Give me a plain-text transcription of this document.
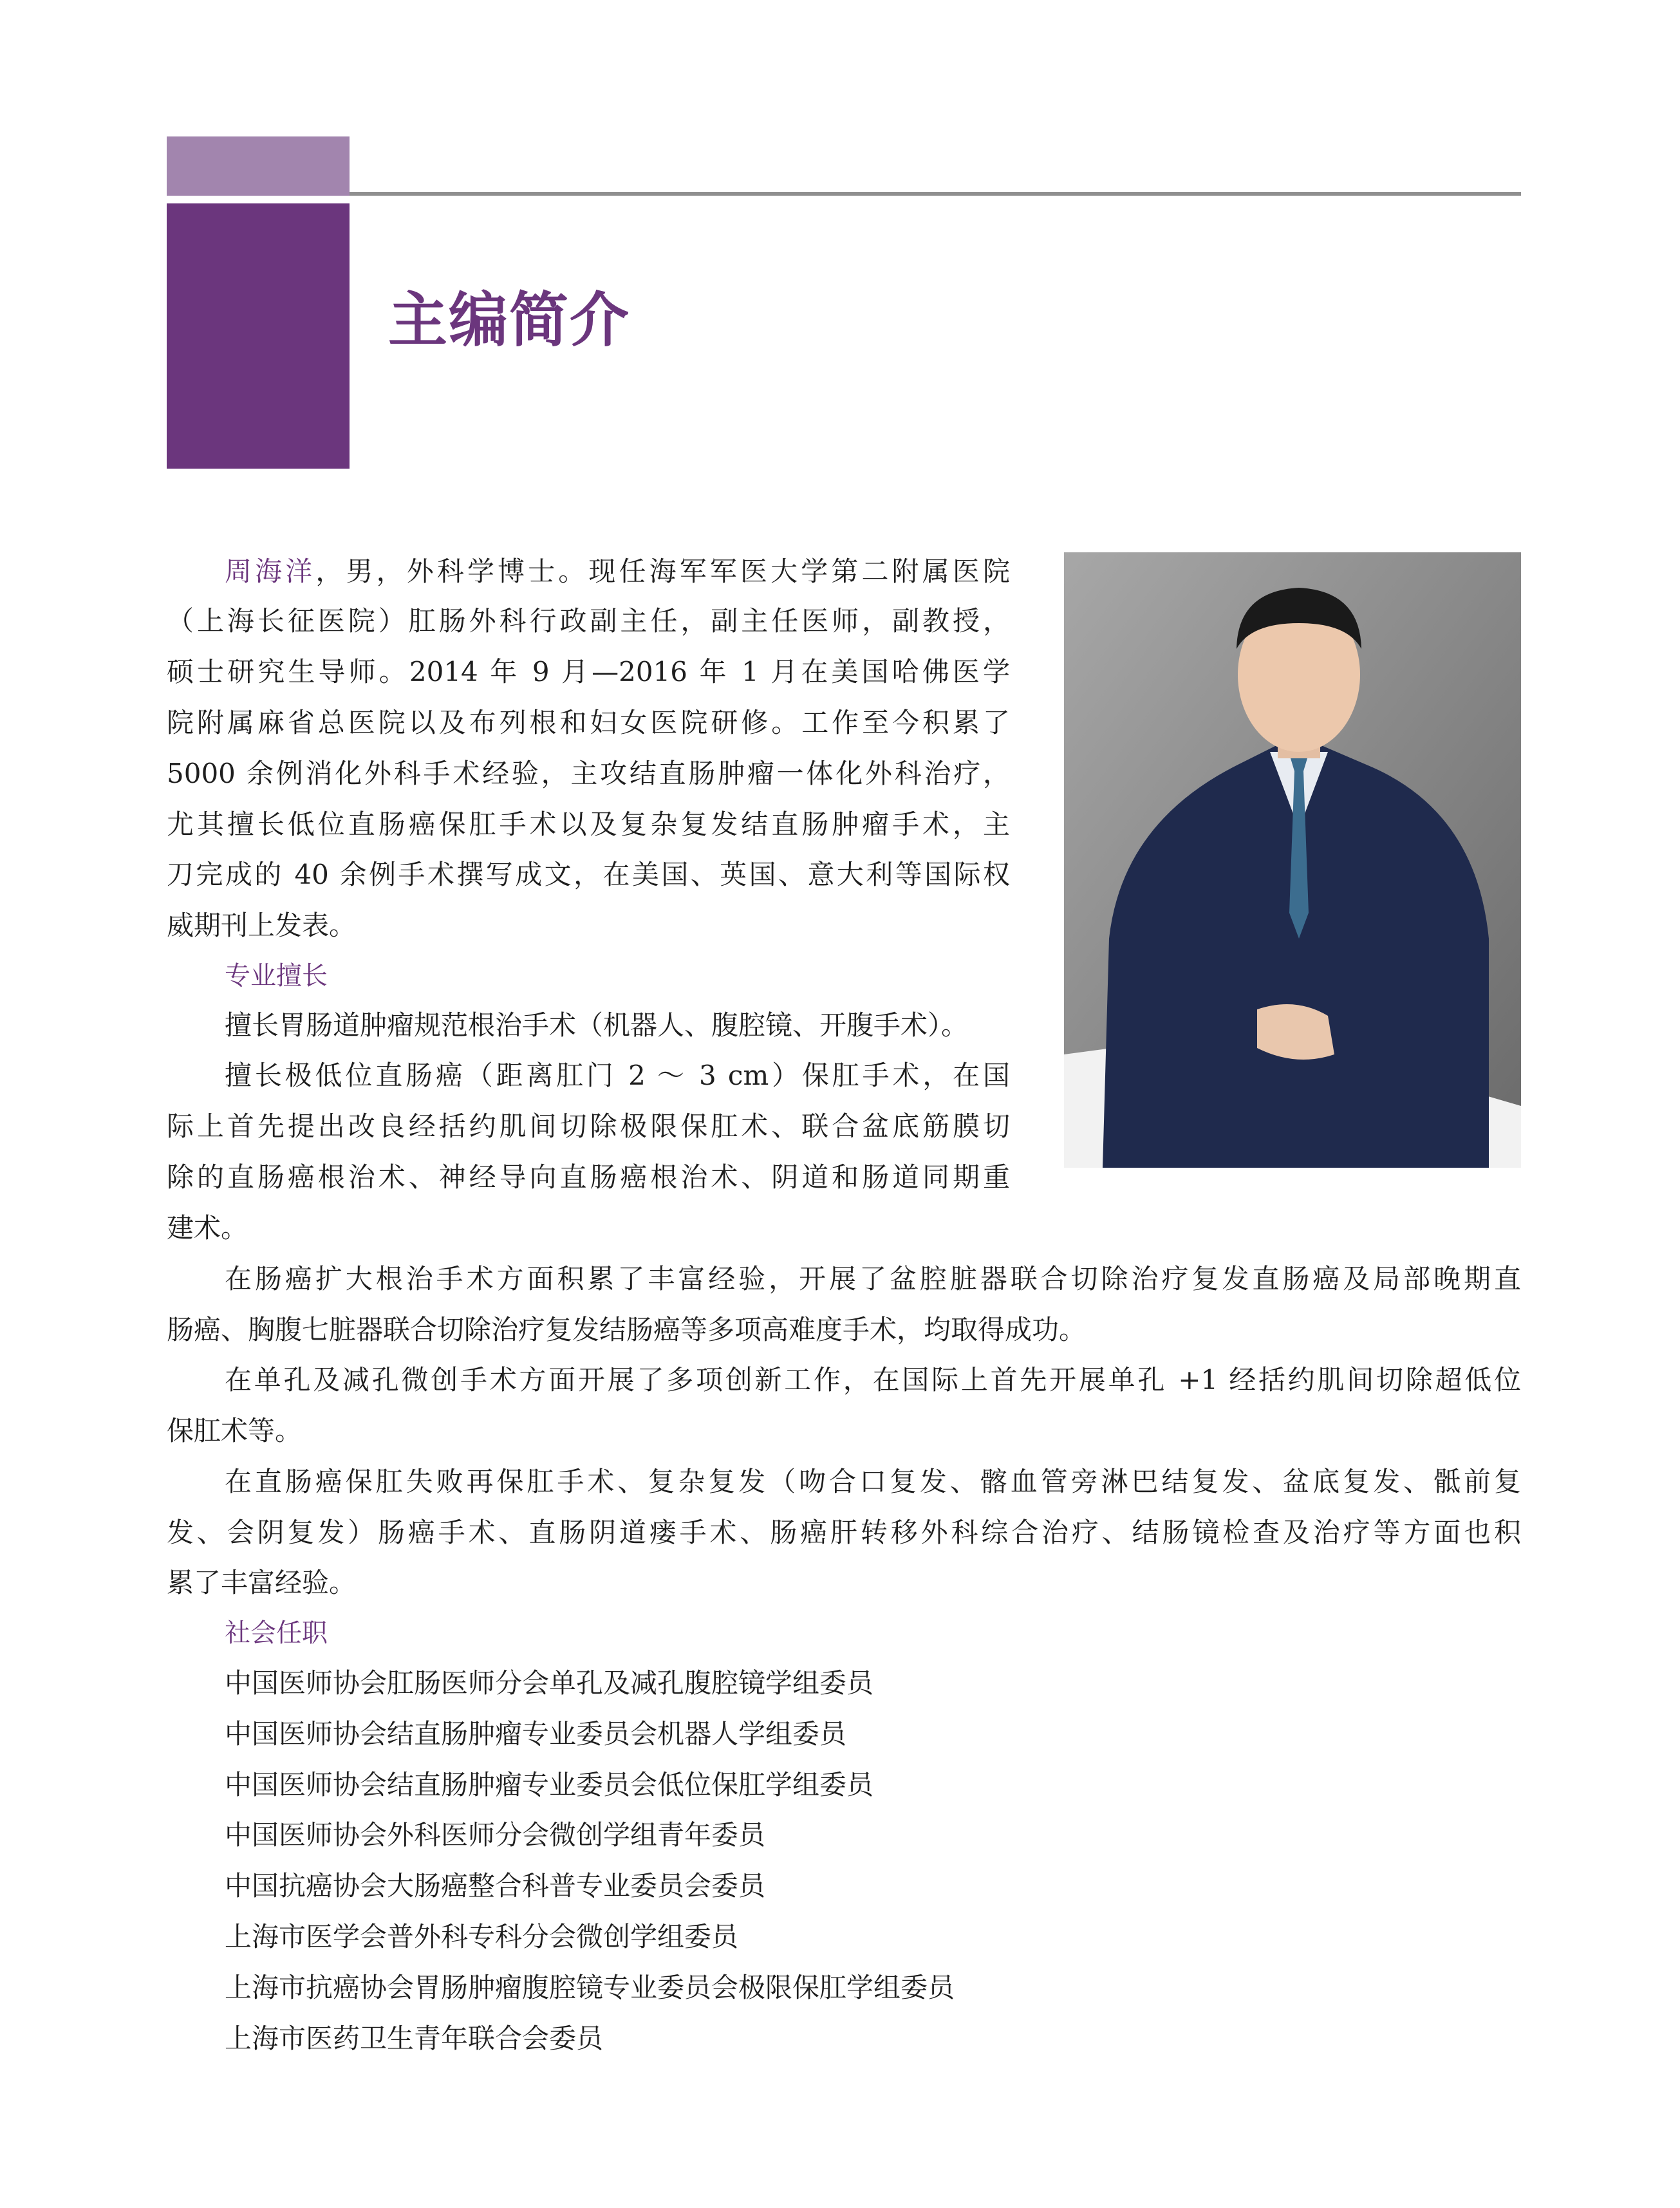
主编简介

周海洋，男，外科学博士。现任海军军医大学第二附属医院

（上海长征医院）肛肠外科行政副主任，副主任医师，副教授，

硕士研究生导师。2014 年 9 月—2016 年 1 月在美国哈佛医学

院附属麻省总医院以及布列根和妇女医院研修。工作至今积累了

5000 余例消化外科手术经验，主攻结直肠肿瘤一体化外科治疗，

尤其擅长低位直肠癌保肛手术以及复杂复发结直肠肿瘤手术，主

刀完成的 40 余例手术撰写成文，在美国、英国、意大利等国际权

威期刊上发表。

专业擅长

擅长胃肠道肿瘤规范根治手术（机器人、腹腔镜、开腹手术）。

擅长极低位直肠癌（距离肛门 2 ～ 3 cm）保肛手术，在国

际上首先提出改良经括约肌间切除极限保肛术、联合盆底筋膜切

除的直肠癌根治术、神经导向直肠癌根治术、阴道和肠道同期重

建术。

在肠癌扩大根治手术方面积累了丰富经验，开展了盆腔脏器联合切除治疗复发直肠癌及局部晚期直

肠癌、胸腹七脏器联合切除治疗复发结肠癌等多项高难度手术，均取得成功。

在单孔及减孔微创手术方面开展了多项创新工作，在国际上首先开展单孔 +1 经括约肌间切除超低位

保肛术等。

在直肠癌保肛失败再保肛手术、复杂复发（吻合口复发、髂血管旁淋巴结复发、盆底复发、骶前复

发、会阴复发）肠癌手术、直肠阴道瘘手术、肠癌肝转移外科综合治疗、结肠镜检查及治疗等方面也积

累了丰富经验。

社会任职
中国医师协会肛肠医师分会单孔及减孔腹腔镜学组委员
中国医师协会结直肠肿瘤专业委员会机器人学组委员
中国医师协会结直肠肿瘤专业委员会低位保肛学组委员
中国医师协会外科医师分会微创学组青年委员
中国抗癌协会大肠癌整合科普专业委员会委员
上海市医学会普外科专科分会微创学组委员
上海市抗癌协会胃肠肿瘤腹腔镜专业委员会极限保肛学组委员
上海市医药卫生青年联合会委员
